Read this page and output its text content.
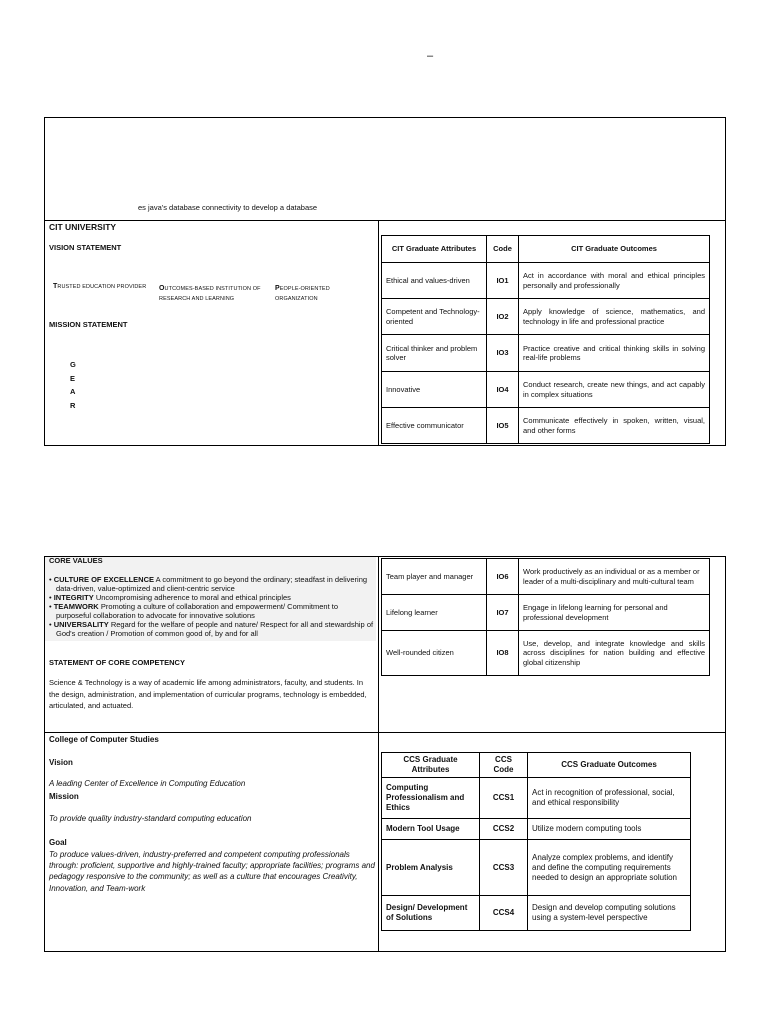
–
es java's database connectivity to develop a database
CIT UNIVERSITY
VISION STATEMENT
TRUSTED EDUCATION PROVIDER	OUTCOMES-BASED INSTITUTION OF RESEARCH AND LEARNING
PEOPLE-ORIENTED ORGANIZATION
MISSION STATEMENT
G
E
A
R
CIT Graduate Attributes	Code	CIT Graduate Outcomes
Ethical and values-driven	IO1	Act in accordance with moral and ethical principles personally and professionally
Competent and Technology-oriented	IO2	Apply knowledge of science, mathematics, and technology in life and professional practice
Critical thinker and problem solver	IO3	Practice creative and critical thinking skills in solving real-life problems
Innovative	IO4	Conduct research, create new things, and act capably in complex situations
Effective communicator	IO5	Communicate effectively in spoken, written, visual, and other forms
CORE VALUES
• CULTURE OF EXCELLENCE A commitment to go beyond the ordinary; steadfast in delivering data-driven, value-optimized and client-centric service
• INTEGRITY Uncompromising adherence to moral and ethical principles
• TEAMWORK Promoting a culture of collaboration and empowerment/ Commitment to purposeful collaboration to advocate for innovative solutions
• UNIVERSALITY Regard for the welfare of people and nature/ Respect for all and stewardship of God's creation / Promotion of common good of, by and for all
STATEMENT OF CORE COMPETENCY
Science & Technology is a way of academic life among administrators, faculty, and students. In the design, administration, and implementation of curricular programs, technology is embedded, articulated, and actuated.
Team player and manager	IO6	Work productively as an individual or as a member or leader of a multi-disciplinary and multi-cultural team
Lifelong learner	IO7	Engage in lifelong learning for personal and professional development
Well-rounded citizen	IO8	Use, develop, and integrate knowledge and skills across disciplines for nation building and effective global citizenship
College of Computer Studies
Vision
A leading Center of Excellence in Computing Education
Mission
To provide quality industry-standard computing education
Goal
To produce values-driven, industry-preferred and competent computing professionals through: proficient, supportive and highly-trained faculty; appropriate facilities; programs and pedagogy responsive to the community; as well as a culture that encourages Creativity, Innovation, and Team-work
CCS Graduate Attributes	CCS Code	CCS Graduate Outcomes
Computing Professionalism and Ethics	CCS1	Act in recognition of professional, social, and ethical responsibility
Modern Tool Usage	CCS2	Utilize modern computing tools
Problem Analysis	CCS3	Analyze complex problems, and identify and define the computing requirements needed to design an appropriate solution
Design/ Development of Solutions	CCS4	Design and develop computing solutions using a system-level perspective
